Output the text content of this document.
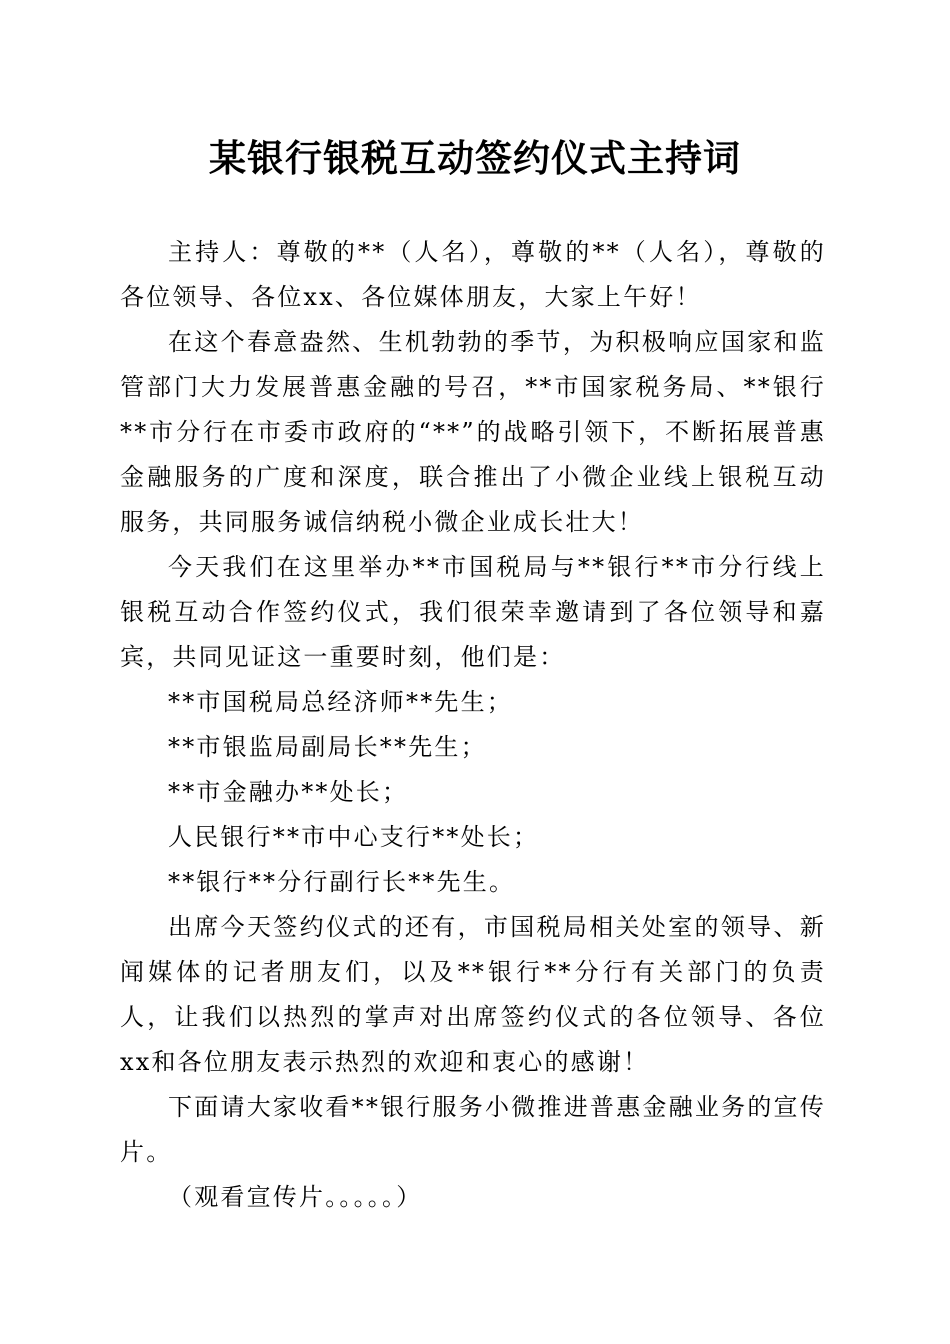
某银行银税互动签约仪式主持词

主持人：尊敬的**（人名），尊敬的**（人名），尊敬的各位领导、各位xx、各位媒体朋友，大家上午好！

在这个春意盎然、生机勃勃的季节，为积极响应国家和监管部门大力发展普惠金融的号召，**市国家税务局、**银行**市分行在市委市政府的“**”的战略引领下，不断拓展普惠金融服务的广度和深度，联合推出了小微企业线上银税互动服务，共同服务诚信纳税小微企业成长壮大！

今天我们在这里举办**市国税局与**银行**市分行线上银税互动合作签约仪式，我们很荣幸邀请到了各位领导和嘉宾，共同见证这一重要时刻，他们是：

**市国税局总经济师**先生；

**市银监局副局长**先生；

**市金融办**处长；

人民银行**市中心支行**处长；

**银行**分行副行长**先生。

出席今天签约仪式的还有，市国税局相关处室的领导、新闻媒体的记者朋友们，以及**银行**分行有关部门的负责人，让我们以热烈的掌声对出席签约仪式的各位领导、各位xx和各位朋友表示热烈的欢迎和衷心的感谢！

下面请大家收看**银行服务小微推进普惠金融业务的宣传片。

（观看宣传片。。。。。）
